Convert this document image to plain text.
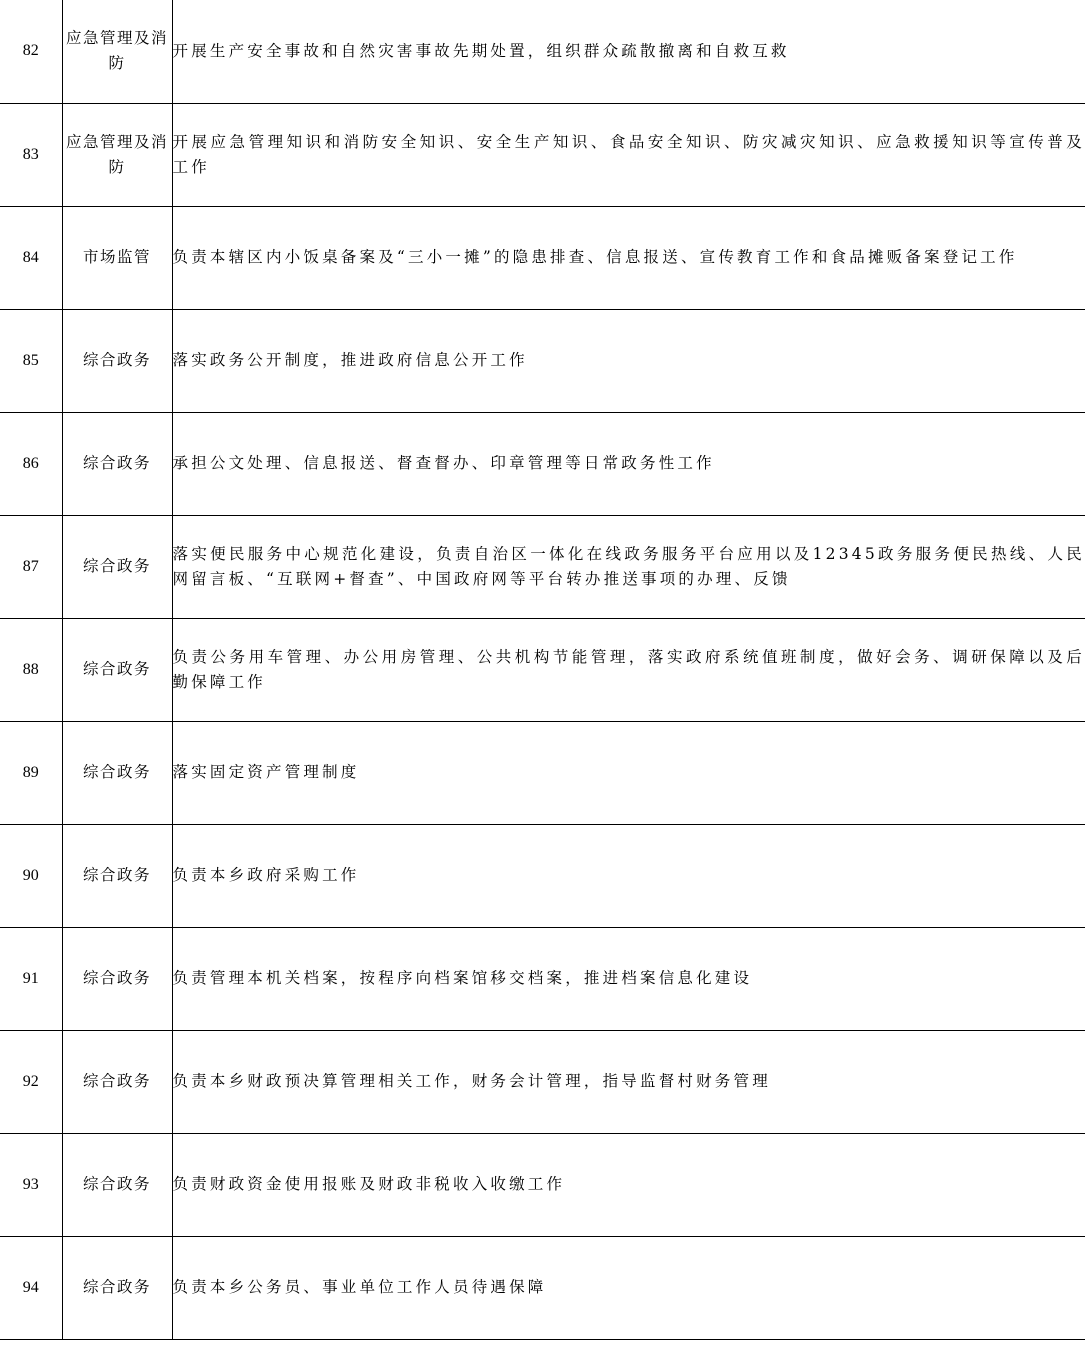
82	应急管理及消防	开展生产安全事故和自然灾害事故先期处置，组织群众疏散撤离和自救互救
83	应急管理及消防	开展应急管理知识和消防安全知识、安全生产知识、食品安全知识、防灾减灾知识、应急救援知识等宣传普及工作
84	市场监管	负责本辖区内小饭桌备案及“三小一摊”的隐患排查、信息报送、宣传教育工作和食品摊贩备案登记工作
85	综合政务	落实政务公开制度，推进政府信息公开工作
86	综合政务	承担公文处理、信息报送、督查督办、印章管理等日常政务性工作
87	综合政务	落实便民服务中心规范化建设，负责自治区一体化在线政务服务平台应用以及12345政务服务便民热线、人民网留言板、“互联网+督查”、中国政府网等平台转办推送事项的办理、反馈
88	综合政务	负责公务用车管理、办公用房管理、公共机构节能管理，落实政府系统值班制度，做好会务、调研保障以及后勤保障工作
89	综合政务	落实固定资产管理制度
90	综合政务	负责本乡政府采购工作
91	综合政务	负责管理本机关档案，按程序向档案馆移交档案，推进档案信息化建设
92	综合政务	负责本乡财政预决算管理相关工作，财务会计管理，指导监督村财务管理
93	综合政务	负责财政资金使用报账及财政非税收入收缴工作
94	综合政务	负责本乡公务员、事业单位工作人员待遇保障
